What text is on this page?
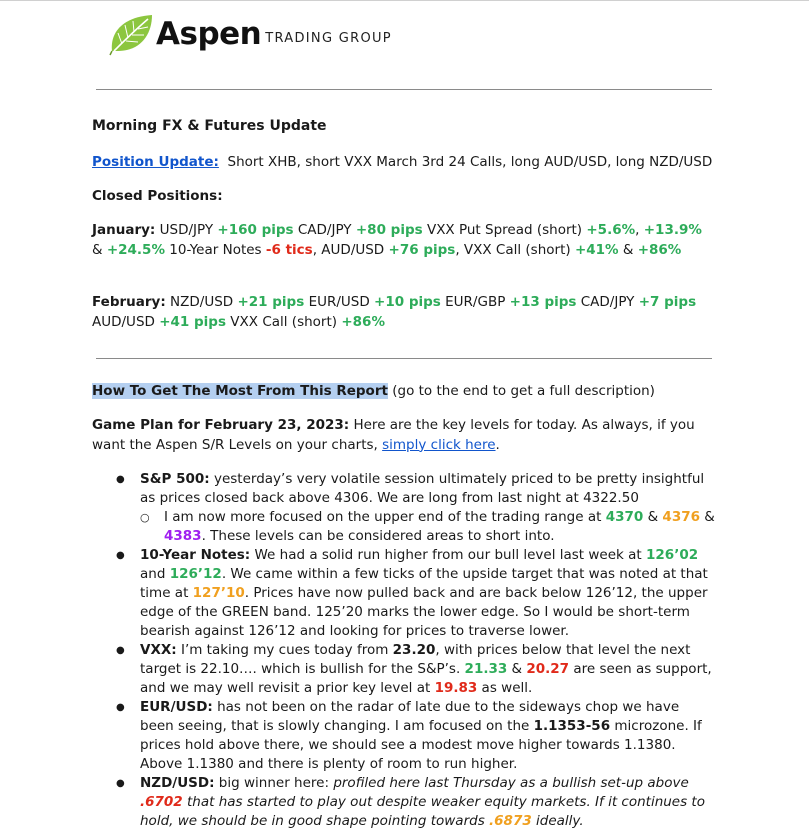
Aspen TRADING GROUP
Morning FX & Futures Update
Position Update: Short XHB, short VXX March 3rd 24 Calls, long AUD/USD, long NZD/USD
Closed Positions:
January: USD/JPY +160 pips CAD/JPY +80 pips VXX Put Spread (short) +5.6%, +13.9% & +24.5% 10-Year Notes -6 tics, AUD/USD +76 pips, VXX Call (short) +41% & +86%
February: NZD/USD +21 pips EUR/USD +10 pips EUR/GBP +13 pips CAD/JPY +7 pips AUD/USD +41 pips VXX Call (short) +86%
How To Get The Most From This Report (go to the end to get a full description)
Game Plan for February 23, 2023: Here are the key levels for today. As always, if you want the Aspen S/R Levels on your charts, simply click here.
● S&P 500: yesterday’s very volatile session ultimately priced to be pretty insightful as prices closed back above 4306. We are long from last night at 4322.50
○ I am now more focused on the upper end of the trading range at 4370 & 4376 & 4383. These levels can be considered areas to short into.
● 10-Year Notes: We had a solid run higher from our bull level last week at 126’02 and 126’12. We came within a few ticks of the upside target that was noted at that time at 127’10. Prices have now pulled back and are back below 126’12, the upper edge of the GREEN band. 125’20 marks the lower edge. So I would be short-term bearish against 126’12 and looking for prices to traverse lower.
● VXX: I’m taking my cues today from 23.20, with prices below that level the next target is 22.10…. which is bullish for the S&P’s. 21.33 & 20.27 are seen as support, and we may well revisit a prior key level at 19.83 as well.
● EUR/USD: has not been on the radar of late due to the sideways chop we have been seeing, that is slowly changing. I am focused on the 1.1353-56 microzone. If prices hold above there, we should see a modest move higher towards 1.1380. Above 1.1380 and there is plenty of room to run higher.
● NZD/USD: big winner here: profiled here last Thursday as a bullish set-up above .6702 that has started to play out despite weaker equity markets. If it continues to hold, we should be in good shape pointing towards .6873 ideally.
